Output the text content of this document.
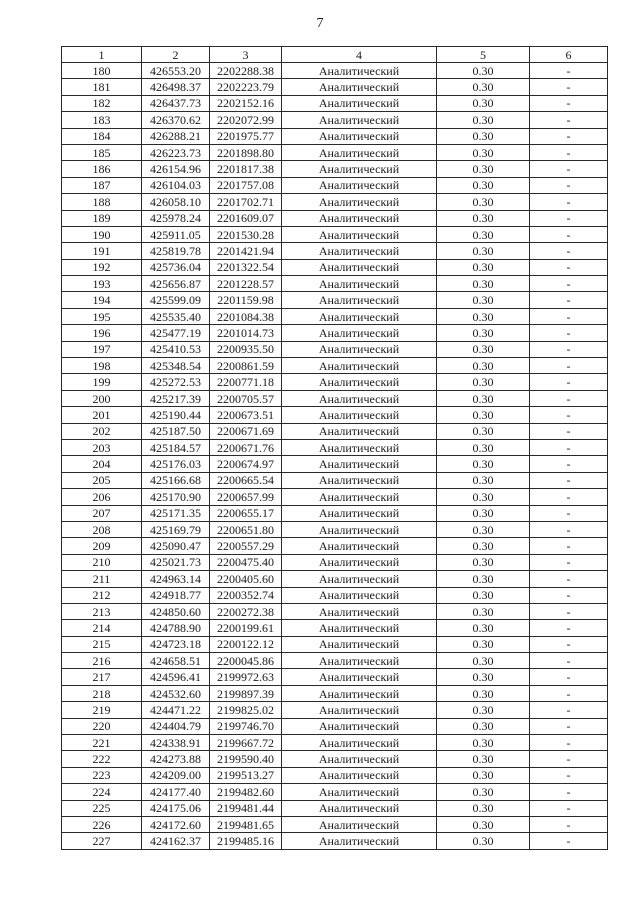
7
1	2	3	4	5	6
180	426553.20	2202288.38	Аналитический	0.30	-
181	426498.37	2202223.79	Аналитический	0.30	-
182	426437.73	2202152.16	Аналитический	0.30	-
183	426370.62	2202072.99	Аналитический	0.30	-
184	426288.21	2201975.77	Аналитический	0.30	-
185	426223.73	2201898.80	Аналитический	0.30	-
186	426154.96	2201817.38	Аналитический	0.30	-
187	426104.03	2201757.08	Аналитический	0.30	-
188	426058.10	2201702.71	Аналитический	0.30	-
189	425978.24	2201609.07	Аналитический	0.30	-
190	425911.05	2201530.28	Аналитический	0.30	-
191	425819.78	2201421.94	Аналитический	0.30	-
192	425736.04	2201322.54	Аналитический	0.30	-
193	425656.87	2201228.57	Аналитический	0.30	-
194	425599.09	2201159.98	Аналитический	0.30	-
195	425535.40	2201084.38	Аналитический	0.30	-
196	425477.19	2201014.73	Аналитический	0.30	-
197	425410.53	2200935.50	Аналитический	0.30	-
198	425348.54	2200861.59	Аналитический	0.30	-
199	425272.53	2200771.18	Аналитический	0.30	-
200	425217.39	2200705.57	Аналитический	0.30	-
201	425190.44	2200673.51	Аналитический	0.30	-
202	425187.50	2200671.69	Аналитический	0.30	-
203	425184.57	2200671.76	Аналитический	0.30	-
204	425176.03	2200674.97	Аналитический	0.30	-
205	425166.68	2200665.54	Аналитический	0.30	-
206	425170.90	2200657.99	Аналитический	0.30	-
207	425171.35	2200655.17	Аналитический	0.30	-
208	425169.79	2200651.80	Аналитический	0.30	-
209	425090.47	2200557.29	Аналитический	0.30	-
210	425021.73	2200475.40	Аналитический	0.30	-
211	424963.14	2200405.60	Аналитический	0.30	-
212	424918.77	2200352.74	Аналитический	0.30	-
213	424850.60	2200272.38	Аналитический	0.30	-
214	424788.90	2200199.61	Аналитический	0.30	-
215	424723.18	2200122.12	Аналитический	0.30	-
216	424658.51	2200045.86	Аналитический	0.30	-
217	424596.41	2199972.63	Аналитический	0.30	-
218	424532.60	2199897.39	Аналитический	0.30	-
219	424471.22	2199825.02	Аналитический	0.30	-
220	424404.79	2199746.70	Аналитический	0.30	-
221	424338.91	2199667.72	Аналитический	0.30	-
222	424273.88	2199590.40	Аналитический	0.30	-
223	424209.00	2199513.27	Аналитический	0.30	-
224	424177.40	2199482.60	Аналитический	0.30	-
225	424175.06	2199481.44	Аналитический	0.30	-
226	424172.60	2199481.65	Аналитический	0.30	-
227	424162.37	2199485.16	Аналитический	0.30	-
